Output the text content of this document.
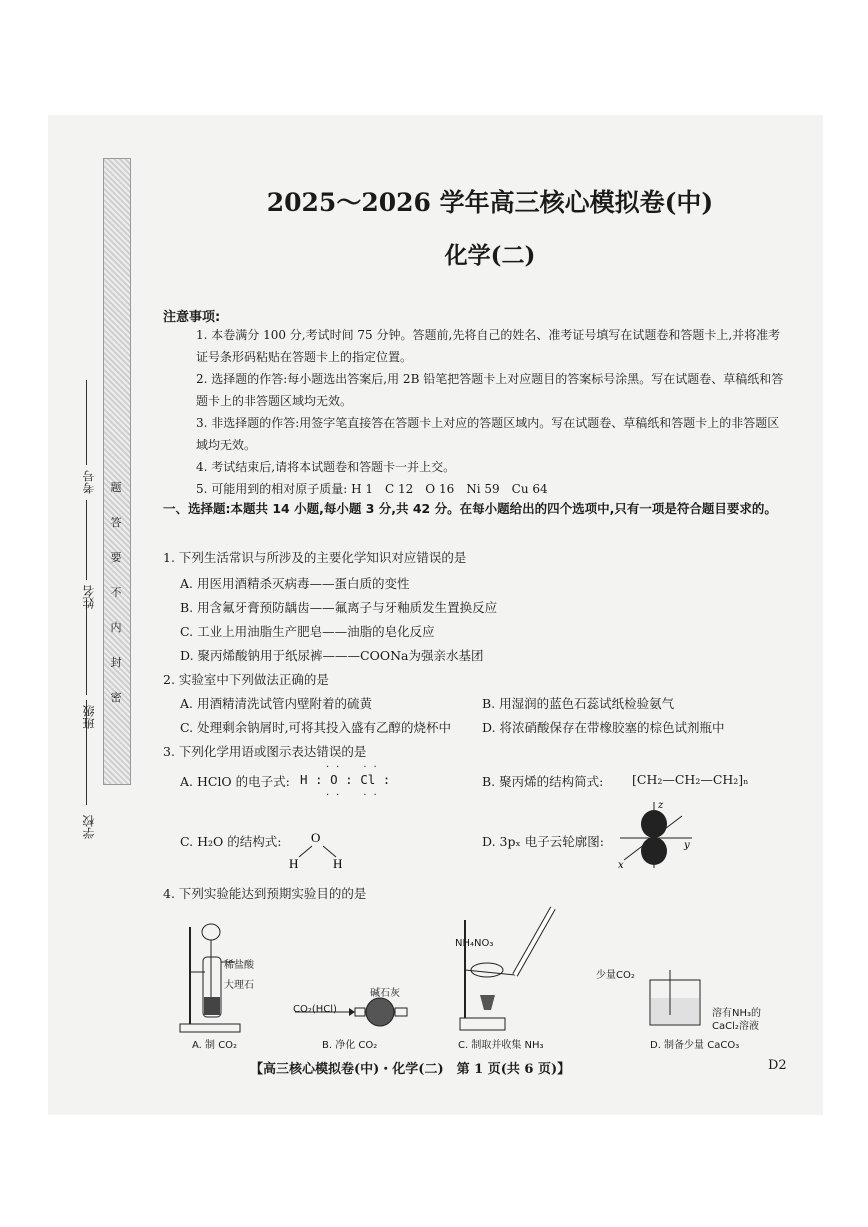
题
答
要
不
内
封
密
学校
班级
姓名
考号
2025～2026 学年高三核心模拟卷(中)
化学(二)
注意事项:
1. 本卷满分 100 分,考试时间 75 分钟。答题前,先将自己的姓名、准考证号填写在试题卷和答题卡上,并将准考证号条形码粘贴在答题卡上的指定位置。
2. 选择题的作答:每小题选出答案后,用 2B 铅笔把答题卡上对应题目的答案标号涂黑。写在试题卷、草稿纸和答题卡上的非答题区域均无效。
3. 非选择题的作答:用签字笔直接答在答题卡上对应的答题区域内。写在试题卷、草稿纸和答题卡上的非答题区域均无效。
4. 考试结束后,请将本试题卷和答题卡一并上交。
5. 可能用到的相对原子质量: H 1　C 12　O 16　Ni 59　Cu 64
一、选择题:本题共 14 小题,每小题 3 分,共 42 分。在每小题给出的四个选项中,只有一项是符合题目要求的。
1. 下列生活常识与所涉及的主要化学知识对应错误的是
A. 用医用酒精杀灭病毒——蛋白质的变性
B. 用含氟牙膏预防龋齿——氟离子与牙釉质发生置换反应
C. 工业上用油脂生产肥皂——油脂的皂化反应
D. 聚丙烯酸钠用于纸尿裤———COONa为强亲水基团
2. 实验室中下列做法正确的是
A. 用酒精清洗试管内壁附着的硫黄	B. 用湿润的蓝色石蕊试纸检验氨气
C. 处理剩余钠屑时,可将其投入盛有乙醇的烧杯中 D. 将浓硝酸保存在带橡胶塞的棕色试剂瓶中
3. 下列化学用语或图示表达错误的是
A. HClO 的电子式: H : O : Cl :
··　··
··　··
B. 聚丙烯的结构简式: [CH₂—CH₂—CH₂]ₙ
C. H₂O 的结构式: O
H	H
D. 3pₓ 电子云轮廓图:
z
y
x
4. 下列实验能达到预期实验目的的是
稀盐酸
大理石
A. 制 CO₂
碱石灰
CO₂(HCl)
B. 净化 CO₂
NH₄NO₃
C. 制取并收集 NH₃
少量CO₂
溶有NH₃的
CaCl₂溶液
D. 制备少量 CaCO₃
【高三核心模拟卷(中)・化学(二)　第 1 页(共 6 页)】	D2
